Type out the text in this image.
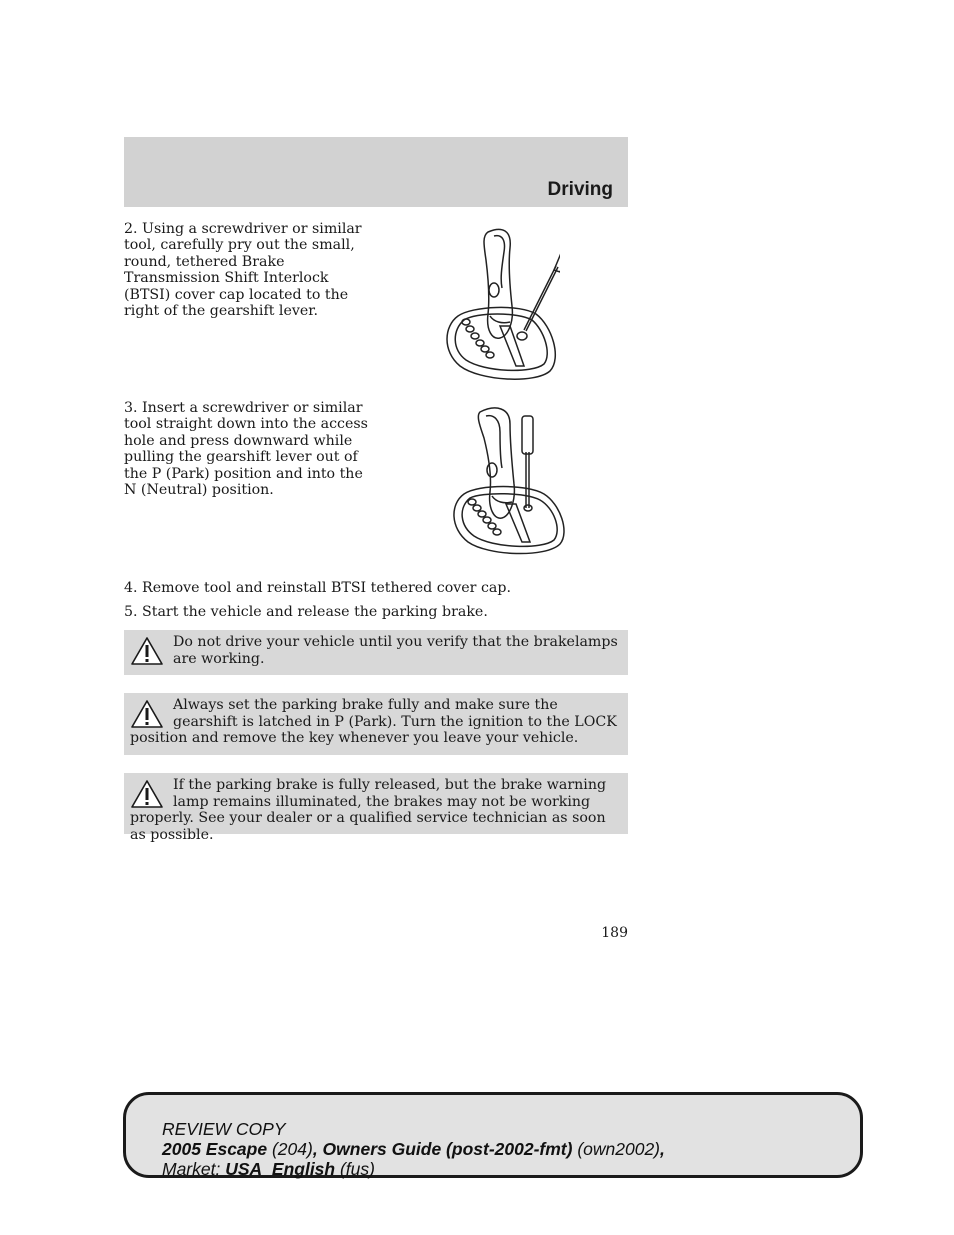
Driving
2. Using a screwdriver or similar tool, carefully pry out the small, round, tethered Brake Transmission Shift Interlock (BTSI) cover cap located to the right of the gearshift lever.
3. Insert a screwdriver or similar tool straight down into the access hole and press downward while pulling the gearshift lever out of the P (Park) position and into the N (Neutral) position.
4. Remove tool and reinstall BTSI tethered cover cap.
5. Start the vehicle and release the parking brake.
Do not drive your vehicle until you verify that the brakelamps are working.
Always set the parking brake fully and make sure the gearshift is latched in P (Park). Turn the ignition to the LOCK position and remove the key whenever you leave your vehicle.
If the parking brake is fully released, but the brake warning lamp remains illuminated, the brakes may not be working properly. See your dealer or a qualified service technician as soon as possible.
189
REVIEW COPY
2005 Escape (204), Owners Guide (post-2002-fmt) (own2002),
Market: USA_English (fus)
